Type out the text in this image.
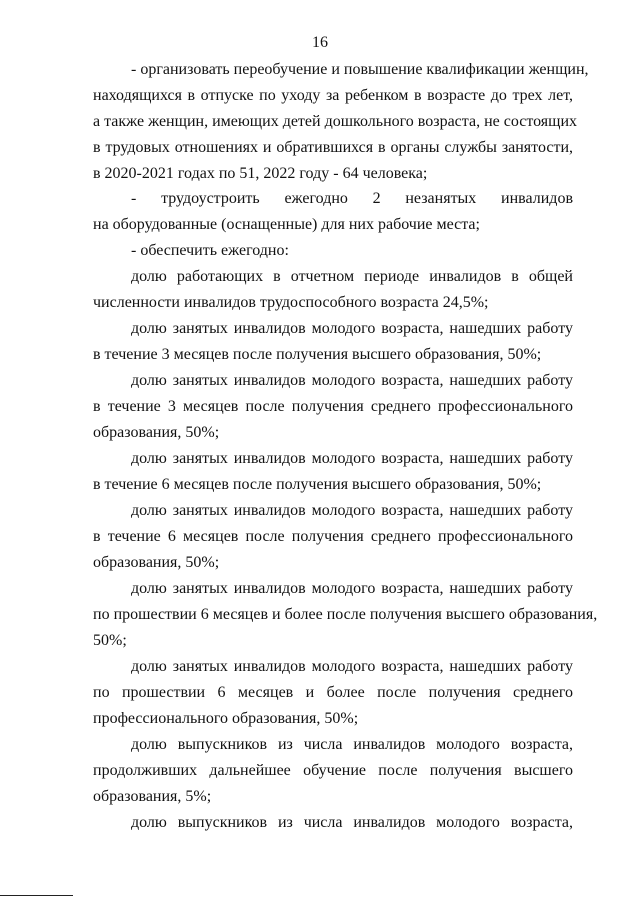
16
- организовать переобучение и повышение квалификации женщин,
находящихся в отпуске по уходу за ребенком в возрасте до трех лет,
а также женщин, имеющих детей дошкольного возраста, не состоящих
в трудовых отношениях и обратившихся в органы службы занятости,
в 2020-2021 годах по 51, 2022 году - 64 человека;
- трудоустроить ежегодно 2 незанятых инвалидов
на оборудованные (оснащенные) для них рабочие места;
- обеспечить ежегодно:
долю работающих в отчетном периоде инвалидов в общей
численности инвалидов трудоспособного возраста 24,5%;
долю занятых инвалидов молодого возраста, нашедших работу
в течение 3 месяцев после получения высшего образования, 50%;
долю занятых инвалидов молодого возраста, нашедших работу
в течение 3 месяцев после получения среднего профессионального
образования, 50%;
долю занятых инвалидов молодого возраста, нашедших работу
в течение 6 месяцев после получения высшего образования, 50%;
долю занятых инвалидов молодого возраста, нашедших работу
в течение 6 месяцев после получения среднего профессионального
образования, 50%;
долю занятых инвалидов молодого возраста, нашедших работу
по прошествии 6 месяцев и более после получения высшего образования,
50%;
долю занятых инвалидов молодого возраста, нашедших работу
по прошествии 6 месяцев и более после получения среднего
профессионального образования, 50%;
долю выпускников из числа инвалидов молодого возраста,
продолживших дальнейшее обучение после получения высшего
образования, 5%;
долю выпускников из числа инвалидов молодого возраста,
